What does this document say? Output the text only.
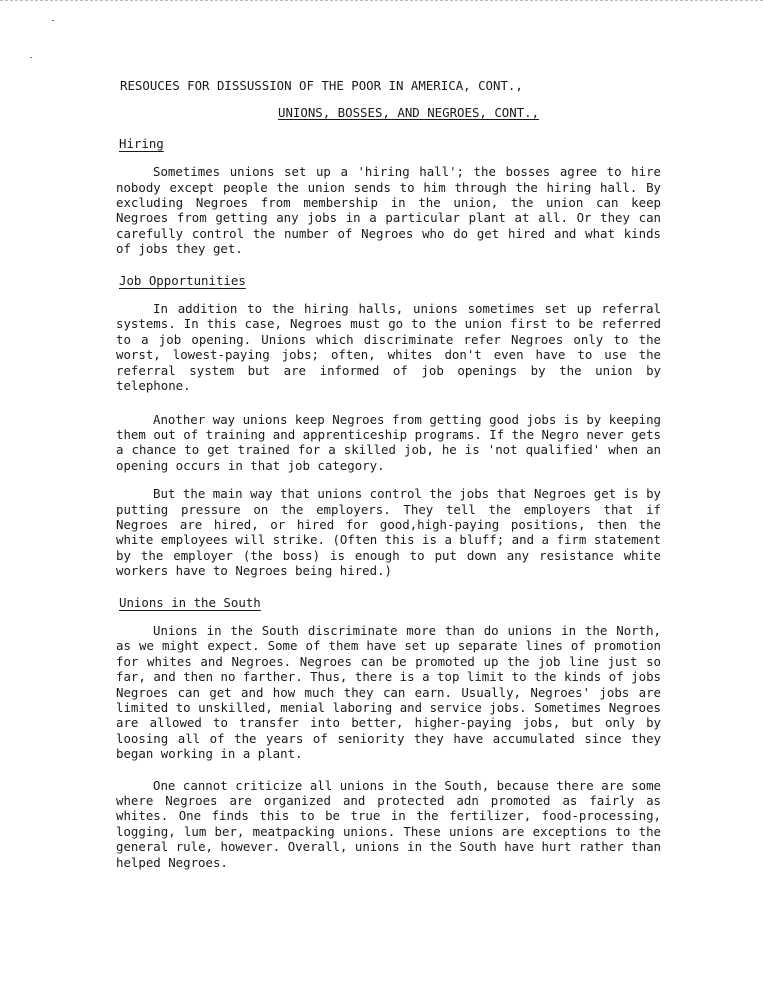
RESOUCES FOR DISSUSSION OF THE POOR IN AMERICA, CONT.,
UNIONS, BOSSES, AND NEGROES, CONT.,
Hiring

Sometimes unions set up a 'hiring hall'; the bosses agree to hire nobody except people the union sends to him through the hiring hall. By excluding Negroes from membership in the union, the union can keep Negroes from getting any jobs in a particular plant at all. Or they can carefully control the number of Negroes who do get hired and what kinds of jobs they get.

Job Opportunities

In addition to the hiring halls, unions sometimes set up referral systems. In this case, Negroes must go to the union first to be referred to a job opening. Unions which discriminate refer Negroes only to the worst, lowest-paying jobs; often, whites don't even have to use the referral system but are informed of job openings by the union by telephone.

Another way unions keep Negroes from getting good jobs is by keeping them out of training and apprenticeship programs. If the Negro never gets a chance to get trained for a skilled job, he is 'not qualified' when an opening occurs in that job category.

But the main way that unions control the jobs that Negroes get is by putting pressure on the employers. They tell the employers that if Negroes are hired, or hired for good,high-paying positions, then the white employees will strike. (Often this is a bluff; and a firm statement by the employer (the boss) is enough to put down any resistance white workers have to Negroes being hired.)

Unions in the South

Unions in the South discriminate more than do unions in the North, as we might expect. Some of them have set up separate lines of promotion for whites and Negroes. Negroes can be promoted up the job line just so far, and then no farther. Thus, there is a top limit to the kinds of jobs Negroes can get and how much they can earn. Usually, Negroes' jobs are limited to unskilled, menial laboring and service jobs. Sometimes Negroes are allowed to transfer into better, higher-paying jobs, but only by loosing all of the years of seniority they have accumulated since they began working in a plant.

One cannot criticize all unions in the South, because there are some where Negroes are organized and protected adn promoted as fairly as whites. One finds this to be true in the fertilizer, food-processing, logging, lum ber, meatpacking unions. These unions are exceptions to the general rule, however. Overall, unions in the South have hurt rather than helped Negroes.
